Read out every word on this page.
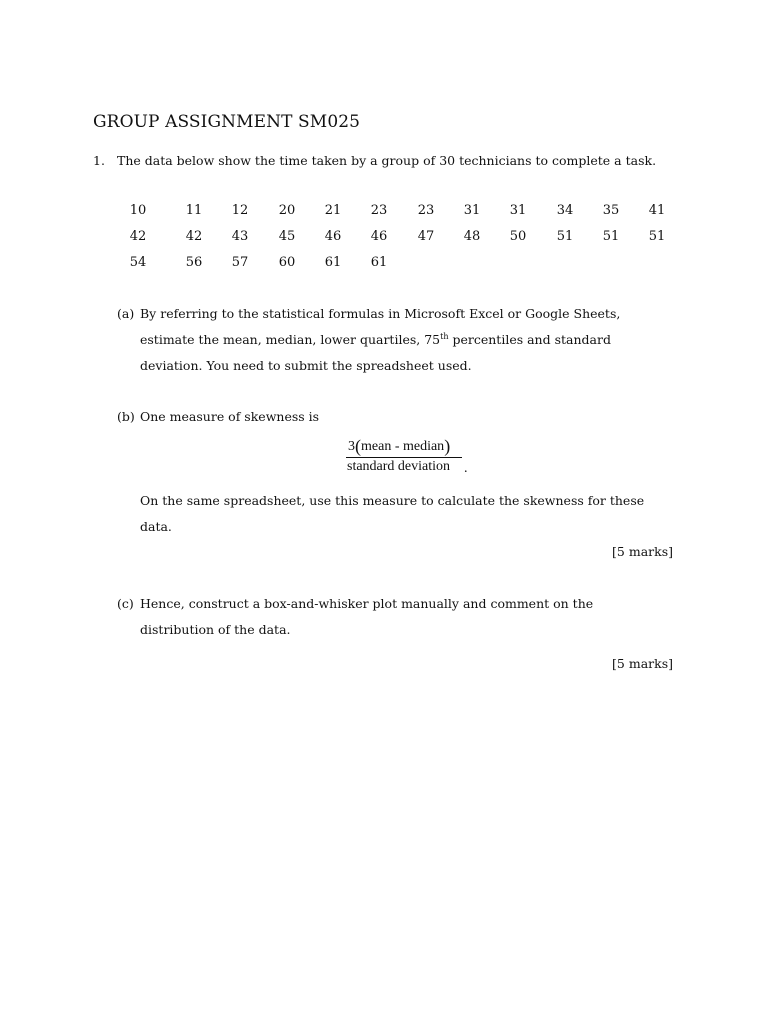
GROUP ASSIGNMENT SM025
1. The data below show the time taken by a group of 30 technicians to complete a task.
10	11	12	20	21	23	23	31	31	34	35	41
42	42	43	45	46	46	47	48	50	51	51	51
54	56	57	60	61	61
(a) By referring to the statistical formulas in Microsoft Excel or Google Sheets,
estimate the mean, median, lower quartiles, 75th percentiles and standard
deviation. You need to submit the spreadsheet used.
(b) One measure of skewness is
3(mean - median)
standard deviation .
On the same spreadsheet, use this measure to calculate the skewness for these
data.
[5 marks]
(c) Hence, construct a box-and-whisker plot manually and comment on the
distribution of the data.
[5 marks]
